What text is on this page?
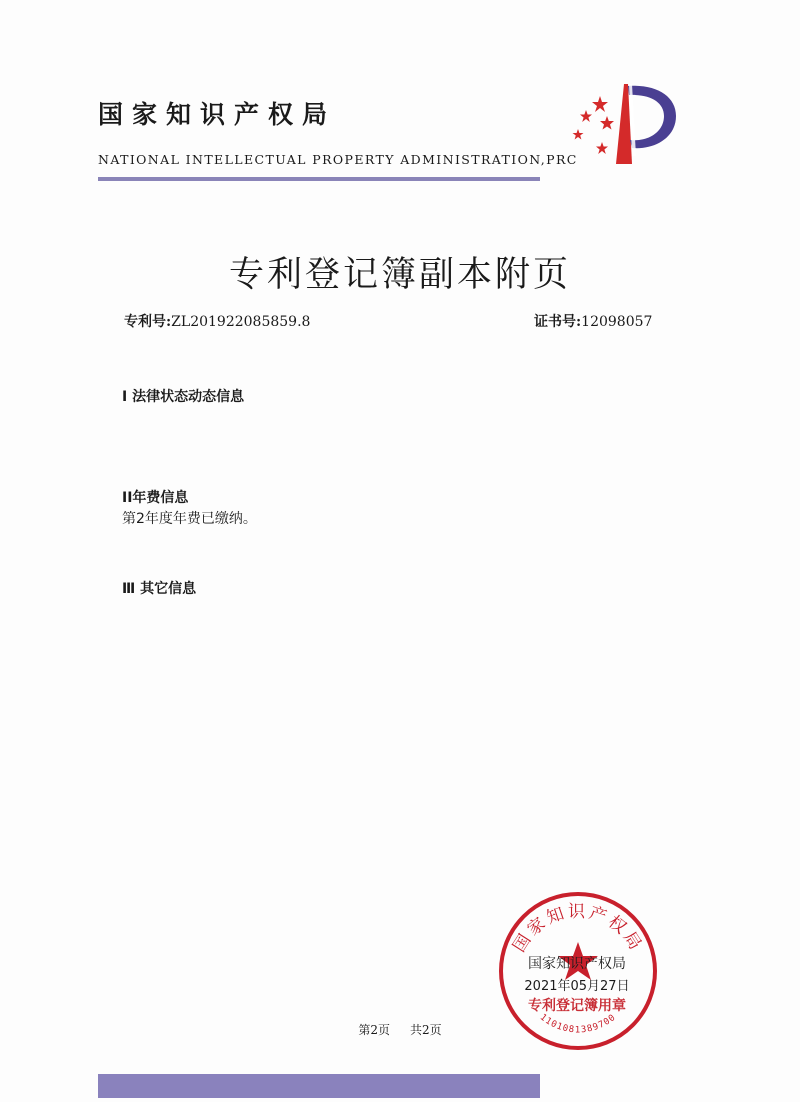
国家知识产权局
NATIONAL INTELLECTUAL PROPERTY ADMINISTRATION,PRC
专利登记簿副本附页
专利号:ZL201922085859.8	证书号:12098057
I 法律状态动态信息
II年费信息
第2年度年费已缴纳。
Ⅲ 其它信息
国家知识产权局
1101081389700
国家知识产权局
2021年05月27日
专利登记簿用章
第2页 共2页
